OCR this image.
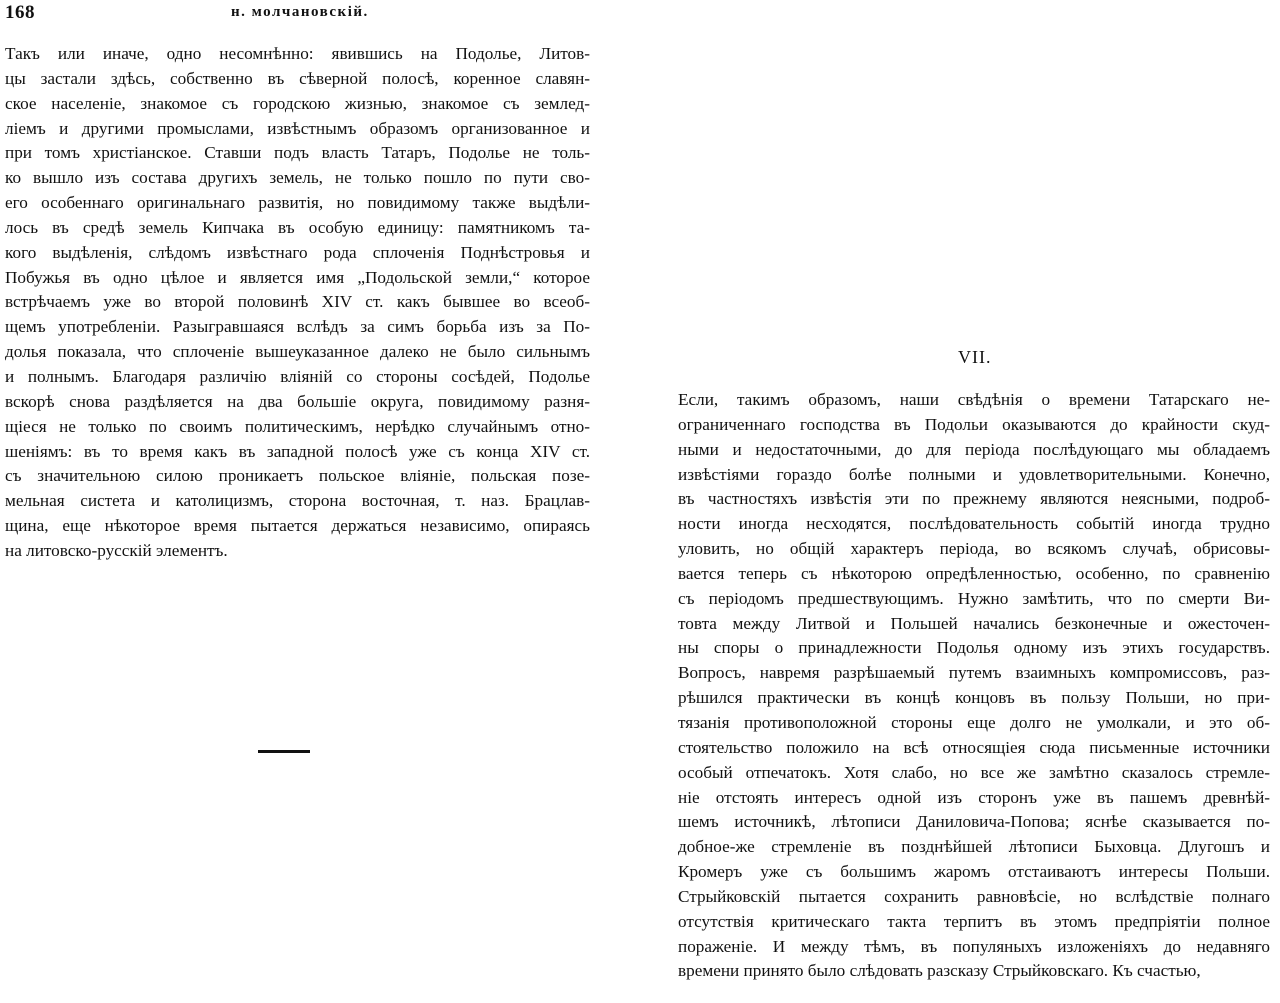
168	н. молчановскій.
Такъ или иначе, одно несомнѣнно: явившись на Подолье, Литов-
цы застали здѣсь, собственно въ сѣверной полосѣ, коренное славян-
ское населеніе, знакомое съ городскою жизнью, знакомое съ землед-
ліемъ и другими промыслами, извѣстнымъ образомъ организованное и
при томъ христіанское. Ставши подъ власть Татаръ, Подолье не толь-
ко вышло изъ состава другихъ земель, не только пошло по пути сво-
его особеннаго оригинальнаго развитія, но повидимому также выдѣли-
лось въ средѣ земель Кипчака въ особую единицу: памятникомъ та-
кого выдѣленія, слѣдомъ извѣстнаго рода сплоченія Поднѣстровья и
Побужья въ одно цѣлое и является имя „Подольской земли,“ которое
встрѣчаемъ уже во второй половинѣ XIV ст. какъ бывшее во всеоб-
щемъ употребленіи. Разыгравшаяся вслѣдъ за симъ борьба изъ за По-
долья показала, что сплоченіе вышеуказанное далеко не было сильнымъ
и полнымъ. Благодаря различію вліяній со стороны сосѣдей, Подолье
вскорѣ снова раздѣляется на два большіе округа, повидимому разня-
щіеся не только по своимъ политическимъ, нерѣдко случайнымъ отно-
шеніямъ: въ то время какъ въ западной полосѣ уже съ конца XIV ст.
съ значительною силою проникаетъ польское вліяніе, польская позе-
мельная систета и католицизмъ, сторона восточная, т. наз. Брацлав-
щина, еще нѣкоторое время пытается держаться независимо, опираясь
на литовско-русскій элементъ.
VII.
Если, такимъ образомъ, наши свѣдѣнія о времени Татарскаго не-
ограниченнаго господства въ Подольи оказываются до крайности скуд-
ными и недостаточными, до для періода послѣдующаго мы обладаемъ
извѣстіями гораздо болѣе полными и удовлетворительными. Конечно,
въ частностяхъ извѣстія эти по прежнему являются неясными, подроб-
ности иногда несходятся, послѣдовательность событій иногда трудно
уловить, но общій характеръ періода, во всякомъ случаѣ, обрисовы-
вается теперь съ нѣкоторою опредѣленностью, особенно, по сравненію
съ періодомъ предшествующимъ. Нужно замѣтить, что по смерти Ви-
товта между Литвой и Польшей начались безконечные и ожесточен-
ны споры о принадлежности Подолья одному изъ этихъ государствъ.
Вопросъ, навремя разрѣшаемый путемъ взаимныхъ компромиссовъ, раз-
рѣшился практически въ концѣ концовъ въ пользу Польши, но при-
тязанія противоположной стороны еще долго не умолкали, и это об-
стоятельство положило на всѣ относящіея сюда письменные источники
особый отпечатокъ. Хотя слабо, но все же замѣтно сказалось стремле-
ніе отстоять интересъ одной изъ сторонъ уже въ пашемъ древнѣй-
шемъ источникѣ, лѣтописи Даниловича-Попова; яснѣе сказывается по-
добное-же стремленіе въ позднѣйшей лѣтописи Быховца. Длугошъ и
Кромеръ уже съ большимъ жаромъ отстаиваютъ интересы Польши.
Стрыйковскій пытается сохранить равновѣсіе, но вслѣдствіе полнаго
отсутствія критическаго такта терпитъ въ этомъ предпріятіи полное
пораженіе. И между тѣмъ, въ популяныхъ изложеніяхъ до недавняго
времени принято было слѣдовать разсказу Стрыйковскаго. Къ счастью,
